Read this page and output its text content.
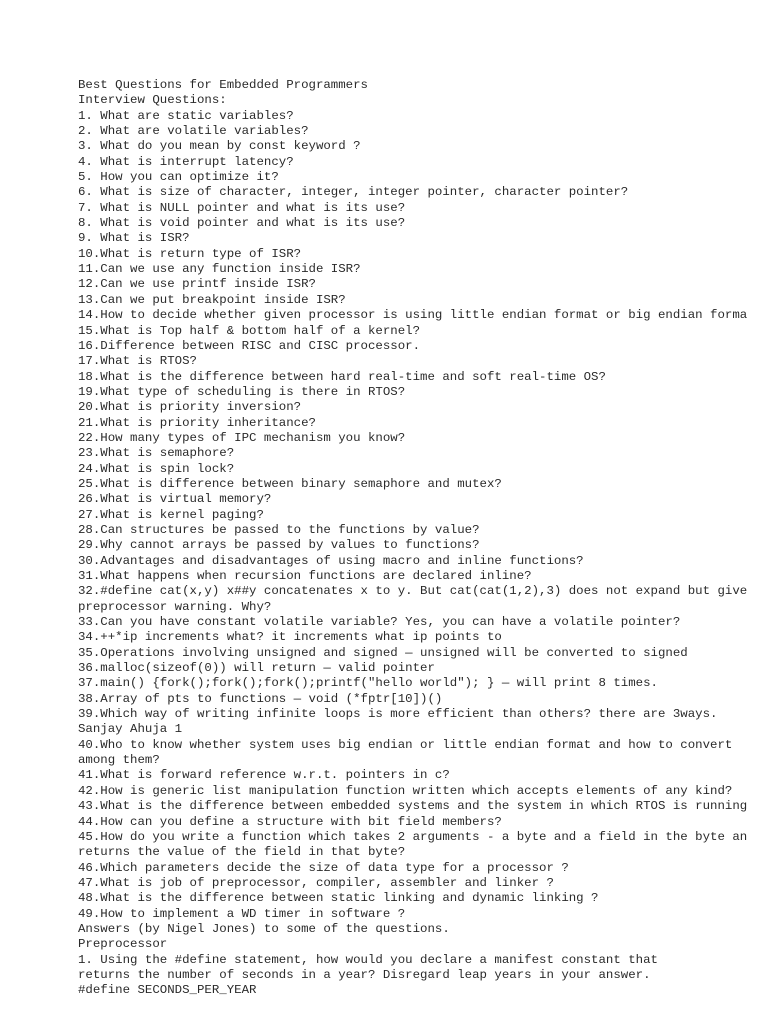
Best Questions for Embedded Programmers
Interview Questions:
1. What are static variables?
2. What are volatile variables?
3. What do you mean by const keyword ?
4. What is interrupt latency?
5. How you can optimize it?
6. What is size of character, integer, integer pointer, character pointer?
7. What is NULL pointer and what is its use?
8. What is void pointer and what is its use?
9. What is ISR?
10.What is return type of ISR?
11.Can we use any function inside ISR?
12.Can we use printf inside ISR?
13.Can we put breakpoint inside ISR?
14.How to decide whether given processor is using little endian format or big endian forma
15.What is Top half & bottom half of a kernel?
16.Difference between RISC and CISC processor.
17.What is RTOS?
18.What is the difference between hard real-time and soft real-time OS?
19.What type of scheduling is there in RTOS?
20.What is priority inversion?
21.What is priority inheritance?
22.How many types of IPC mechanism you know?
23.What is semaphore?
24.What is spin lock?
25.What is difference between binary semaphore and mutex?
26.What is virtual memory?
27.What is kernel paging?
28.Can structures be passed to the functions by value?
29.Why cannot arrays be passed by values to functions?
30.Advantages and disadvantages of using macro and inline functions?
31.What happens when recursion functions are declared inline?
32.#define cat(x,y) x##y concatenates x to y. But cat(cat(1,2),3) does not expand but give
preprocessor warning. Why?
33.Can you have constant volatile variable? Yes, you can have a volatile pointer?
34.++*ip increments what? it increments what ip points to
35.Operations involving unsigned and signed — unsigned will be converted to signed
36.malloc(sizeof(0)) will return — valid pointer
37.main() {fork();fork();fork();printf("hello world"); } — will print 8 times.
38.Array of pts to functions — void (*fptr[10])()
39.Which way of writing infinite loops is more efficient than others? there are 3ways.
Sanjay Ahuja 1
40.Who to know whether system uses big endian or little endian format and how to convert
among them?
41.What is forward reference w.r.t. pointers in c?
42.How is generic list manipulation function written which accepts elements of any kind?
43.What is the difference between embedded systems and the system in which RTOS is running
44.How can you define a structure with bit field members?
45.How do you write a function which takes 2 arguments - a byte and a field in the byte an
returns the value of the field in that byte?
46.Which parameters decide the size of data type for a processor ?
47.What is job of preprocessor, compiler, assembler and linker ?
48.What is the difference between static linking and dynamic linking ?
49.How to implement a WD timer in software ?
Answers (by Nigel Jones) to some of the questions.
Preprocessor
1. Using the #define statement, how would you declare a manifest constant that
returns the number of seconds in a year? Disregard leap years in your answer.
#define SECONDS_PER_YEAR
